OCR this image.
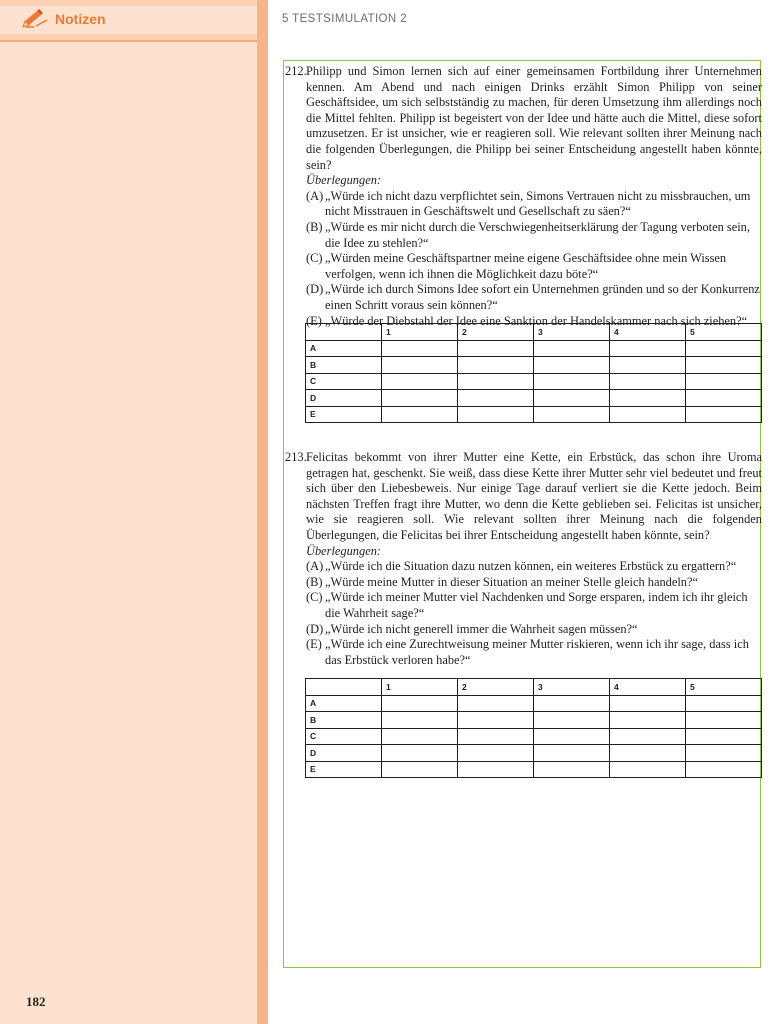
Notizen
182
5 TESTSIMULATION 2
212. Philipp und Simon lernen sich auf einer gemeinsamen Fortbildung ihrer Unternehmen kennen. Am Abend und nach einigen Drinks erzählt Simon Philipp von seiner Geschäftsidee, um sich selbstständig zu machen, für deren Umsetzung ihm allerdings noch die Mittel fehlten. Philipp ist begeistert von der Idee und hätte auch die Mittel, diese sofort umzusetzen. Er ist unsicher, wie er reagieren soll. Wie relevant sollten ihrer Meinung nach die folgenden Überlegungen, die Philipp bei seiner Entscheidung angestellt haben könnte, sein?
Überlegungen:
(A) „Würde ich nicht dazu verpflichtet sein, Simons Vertrauen nicht zu missbrauchen, um nicht Misstrauen in Geschäftswelt und Gesellschaft zu säen?“
(B) „Würde es mir nicht durch die Verschwiegenheitserklärung der Tagung verboten sein, die Idee zu stehlen?“
(C) „Würden meine Geschäftspartner meine eigene Geschäftsidee ohne mein Wissen verfolgen, wenn ich ihnen die Möglichkeit dazu böte?“
(D) „Würde ich durch Simons Idee sofort ein Unternehmen gründen und so der Konkurrenz einen Schritt voraus sein können?“
(E) „Würde der Diebstahl der Idee eine Sanktion der Handelskammer nach sich ziehen?“
	1	2	3	4	5
A					
B					
C					
D					
E					
213. Felicitas bekommt von ihrer Mutter eine Kette, ein Erbstück, das schon ihre Uroma getragen hat, geschenkt. Sie weiß, dass diese Kette ihrer Mutter sehr viel bedeutet und freut sich über den Liebesbeweis. Nur einige Tage darauf verliert sie die Kette jedoch. Beim nächsten Treffen fragt ihre Mutter, wo denn die Kette geblieben sei. Felicitas ist unsicher, wie sie reagieren soll. Wie relevant sollten ihrer Meinung nach die folgenden Überlegungen, die Felicitas bei ihrer Entscheidung angestellt haben könnte, sein?
Überlegungen:
(A) „Würde ich die Situation dazu nutzen können, ein weiteres Erbstück zu ergattern?“
(B) „Würde meine Mutter in dieser Situation an meiner Stelle gleich handeln?“
(C) „Würde ich meiner Mutter viel Nachdenken und Sorge ersparen, indem ich ihr gleich die Wahrheit sage?“
(D) „Würde ich nicht generell immer die Wahrheit sagen müssen?“
(E) „Würde ich eine Zurechtweisung meiner Mutter riskieren, wenn ich ihr sage, dass ich das Erbstück verloren habe?“
	1	2	3	4	5
A					
B					
C					
D					
E					
